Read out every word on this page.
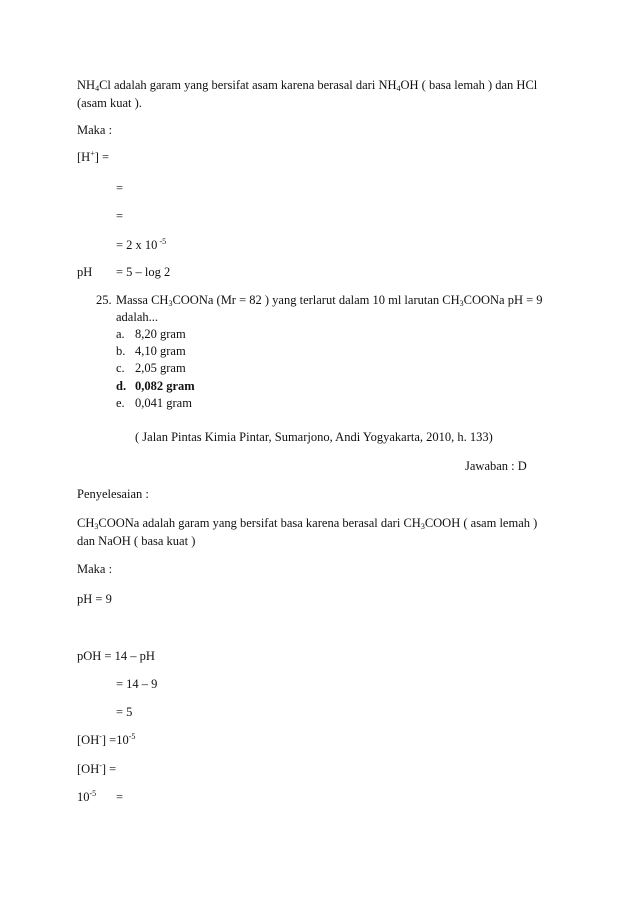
$NH_4Cl$ adalah garam yang bersifat asam karena berasal dari $NH_4OH$ ( basa lemah ) dan HCl
(asam kuat ).
Maka :
[H+] =
=
=
= 2 x 10 $^{-5}$
pH = 5 – log 2
25. Massa $CH_3COONa$ (Mr = 82 ) yang terlarut dalam 10 ml larutan $CH_3COONa$ pH = 9
adalah...
a. 8,20 gram
b. 4,10 gram
c. 2,05 gram
d. 0,082 gram
e. 0,041 gram
( Jalan Pintas Kimia Pintar, Sumarjono, Andi Yogyakarta, 2010, h. 133)
Jawaban : D
Penyelesaian :
$CH_3COONa$ adalah garam yang bersifat basa karena berasal dari $CH_3COOH$ ( asam lemah )
dan NaOH ( basa kuat )
Maka :
pH = 9
pOH = 14 – pH
= 14 – 9
= 5
$[OH^-] =10^{-5}$
[OH-] =
$10^{-5}$ =
